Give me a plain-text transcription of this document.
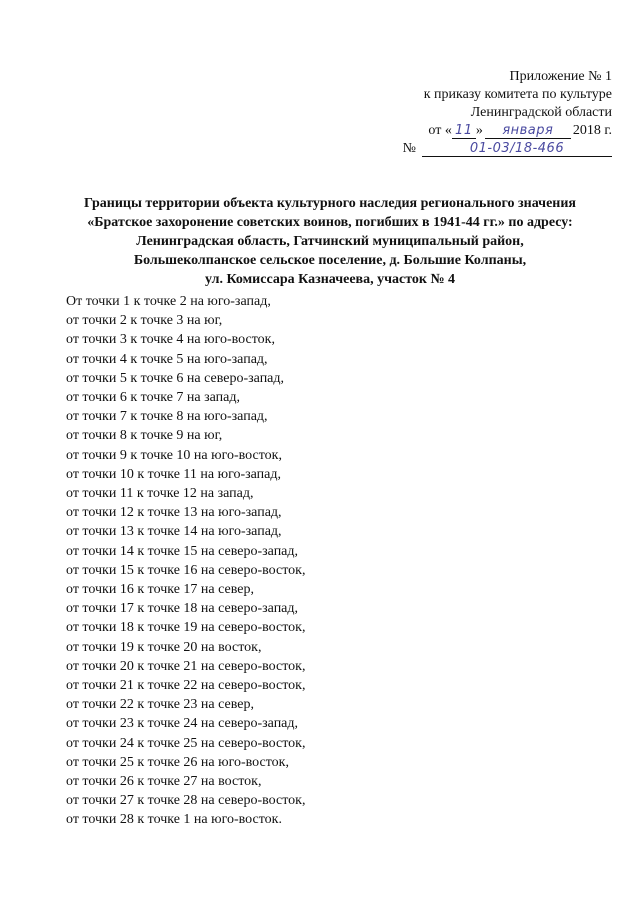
Приложение № 1
к приказу комитета по культуре
Ленинградской области
от « 11 »	января	2018 г.
№	01-03/18-466
Границы территории объекта культурного наследия регионального значения
«Братское захоронение советских воинов, погибших в 1941-44 гг.» по адресу:
Ленинградская область, Гатчинский муниципальный район,
Большеколпанское сельское поселение, д. Большие Колпаны,
ул. Комиссара Казначеева, участок № 4
От точки 1 к точке 2 на юго-запад,
от точки 2 к точке 3 на юг,
от точки 3 к точке 4 на юго-восток,
от точки 4 к точке 5 на юго-запад,
от точки 5 к точке 6 на северо-запад,
от точки 6 к точке 7 на запад,
от точки 7 к точке 8 на юго-запад,
от точки 8 к точке 9 на юг,
от точки 9 к точке 10 на юго-восток,
от точки 10 к точке 11 на юго-запад,
от точки 11 к точке 12 на запад,
от точки 12 к точке 13 на юго-запад,
от точки 13 к точке 14 на юго-запад,
от точки 14 к точке 15 на северо-запад,
от точки 15 к точке 16 на северо-восток,
от точки 16 к точке 17 на север,
от точки 17 к точке 18 на северо-запад,
от точки 18 к точке 19 на северо-восток,
от точки 19 к точке 20 на восток,
от точки 20 к точке 21 на северо-восток,
от точки 21 к точке 22 на северо-восток,
от точки 22 к точке 23 на север,
от точки 23 к точке 24 на северо-запад,
от точки 24 к точке 25 на северо-восток,
от точки 25 к точке 26 на юго-восток,
от точки 26 к точке 27 на восток,
от точки 27 к точке 28 на северо-восток,
от точки 28 к точке 1 на юго-восток.
